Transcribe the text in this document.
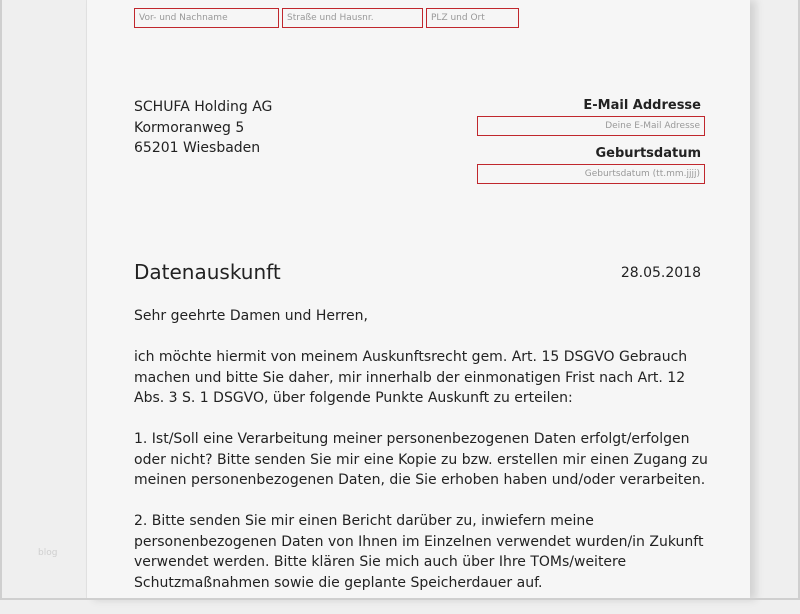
blog
Vor- und Nachname
Straße und Hausnr.
PLZ und Ort
SCHUFA Holding AG
Kormoranweg 5
65201 Wiesbaden
E-Mail Addresse
Deine E-Mail Adresse
Geburtsdatum
Geburtsdatum (tt.mm.jjjj)
Datenauskunft	28.05.2018

Sehr geehrte Damen und Herren,

ich möchte hiermit von meinem Auskunftsrecht gem. Art. 15 DSGVO Gebrauch machen und bitte Sie daher, mir innerhalb der einmonatigen Frist nach Art. 12 Abs. 3 S. 1 DSGVO, über folgende Punkte Auskunft zu erteilen:

1. Ist/Soll eine Verarbeitung meiner personenbezogenen Daten erfolgt/erfolgen oder nicht? Bitte senden Sie mir eine Kopie zu bzw. erstellen mir einen Zugang zu meinen personenbezogenen Daten, die Sie erhoben haben und/oder verarbeiten.

2. Bitte senden Sie mir einen Bericht darüber zu, inwiefern meine personenbezogenen Daten von Ihnen im Einzelnen verwendet wurden/in Zukunft verwendet werden. Bitte klären Sie mich auch über Ihre TOMs/weitere Schutzmaßnahmen sowie die geplante Speicherdauer auf.
